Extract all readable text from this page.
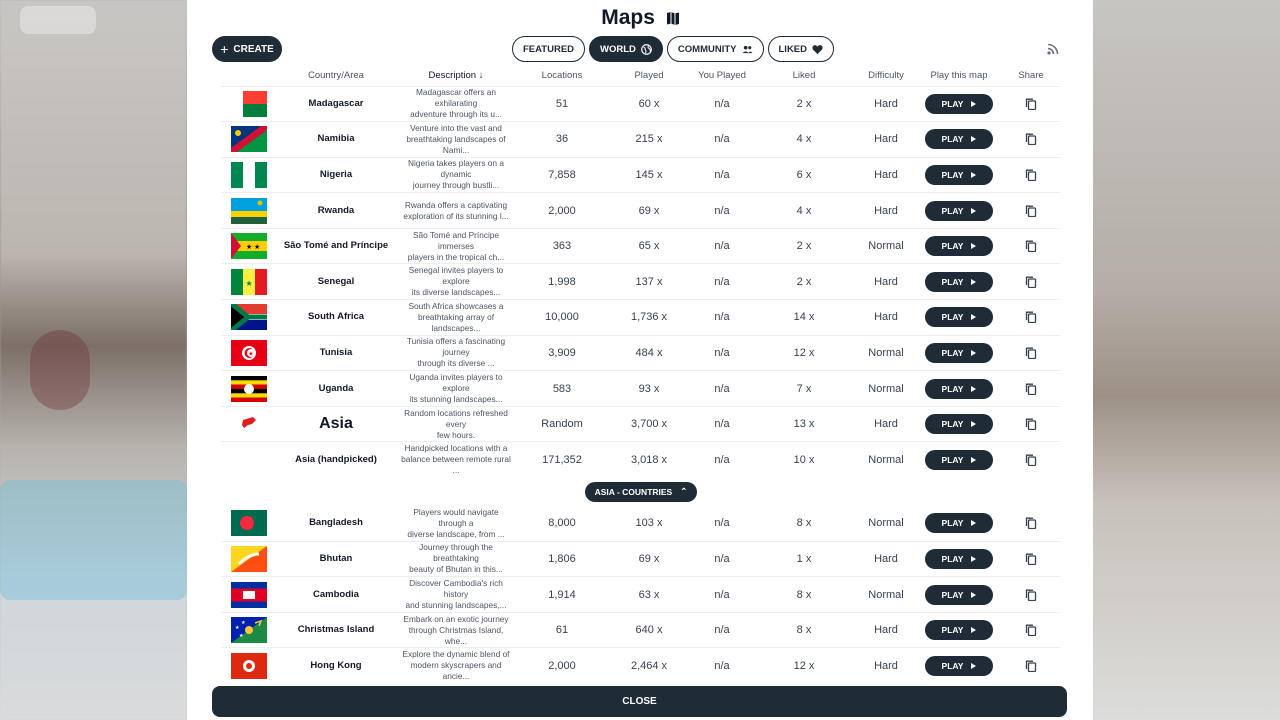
Maps
+ CREATE	FEATURED	WORLD	COMMUNITY	LIKED
	Country/Area	Description ↓	Locations	Played	You Played	Liked	Difficulty	Play this map	Share
	Madagascar	Madagascar offers an exhilarating
adventure through its u...	51	60 x	n/a	2 x	Hard	PLAY

	Namibia	Venture into the vast and
breathtaking landscapes of Nami...	36	215 x	n/a	4 x	Hard	PLAY

	Nigeria	Nigeria takes players on a dynamic
journey through bustli...	7,858	145 x	n/a	6 x	Hard	PLAY

	Rwanda	Rwanda offers a captivating
exploration of its stunning l...	2,000	69 x	n/a	4 x	Hard	PLAY

★ ★	São Tomé and Príncipe	São Tomé and Príncipe immerses
players in the tropical ch...	363	65 x	n/a	2 x	Normal	PLAY

★	Senegal	Senegal invites players to explore
its diverse landscapes...	1,998	137 x	n/a	2 x	Hard	PLAY

	South Africa	South Africa showcases a
breathtaking array of landscapes...	10,000	1,736 x	n/a	14 x	Hard	PLAY

★	Tunisia	Tunisia offers a fascinating journey
through its diverse ...	3,909	484 x	n/a	12 x	Normal	PLAY

	Uganda	Uganda invites players to explore
its stunning landscapes...	583	93 x	n/a	7 x	Normal	PLAY

	Asia	Random locations refreshed every
few hours.	Random	3,700 x	n/a	13 x	Hard	PLAY

	Asia (handpicked)	Handpicked locations with a
balance between remote rural ...	171,352	3,018 x	n/a	10 x	Normal	PLAY

ASIA - COUNTRIES ⌃									

	Bangladesh	Players would navigate through a
diverse landscape, from ...	8,000	103 x	n/a	8 x	Normal	PLAY

	Bhutan	Journey through the breathtaking
beauty of Bhutan in this...	1,806	69 x	n/a	1 x	Hard	PLAY

	Cambodia	Discover Cambodia's rich history
and stunning landscapes,...	1,914	63 x	n/a	8 x	Normal	PLAY

★
★
★	Christmas Island	Embark on an exotic journey
through Christmas Island, whe...	61	640 x	n/a	8 x	Hard	PLAY

	Hong Kong	Explore the dynamic blend of
modern skyscrapers and ancie...	2,000	2,464 x	n/a	12 x	Hard	PLAY

CLOSE
